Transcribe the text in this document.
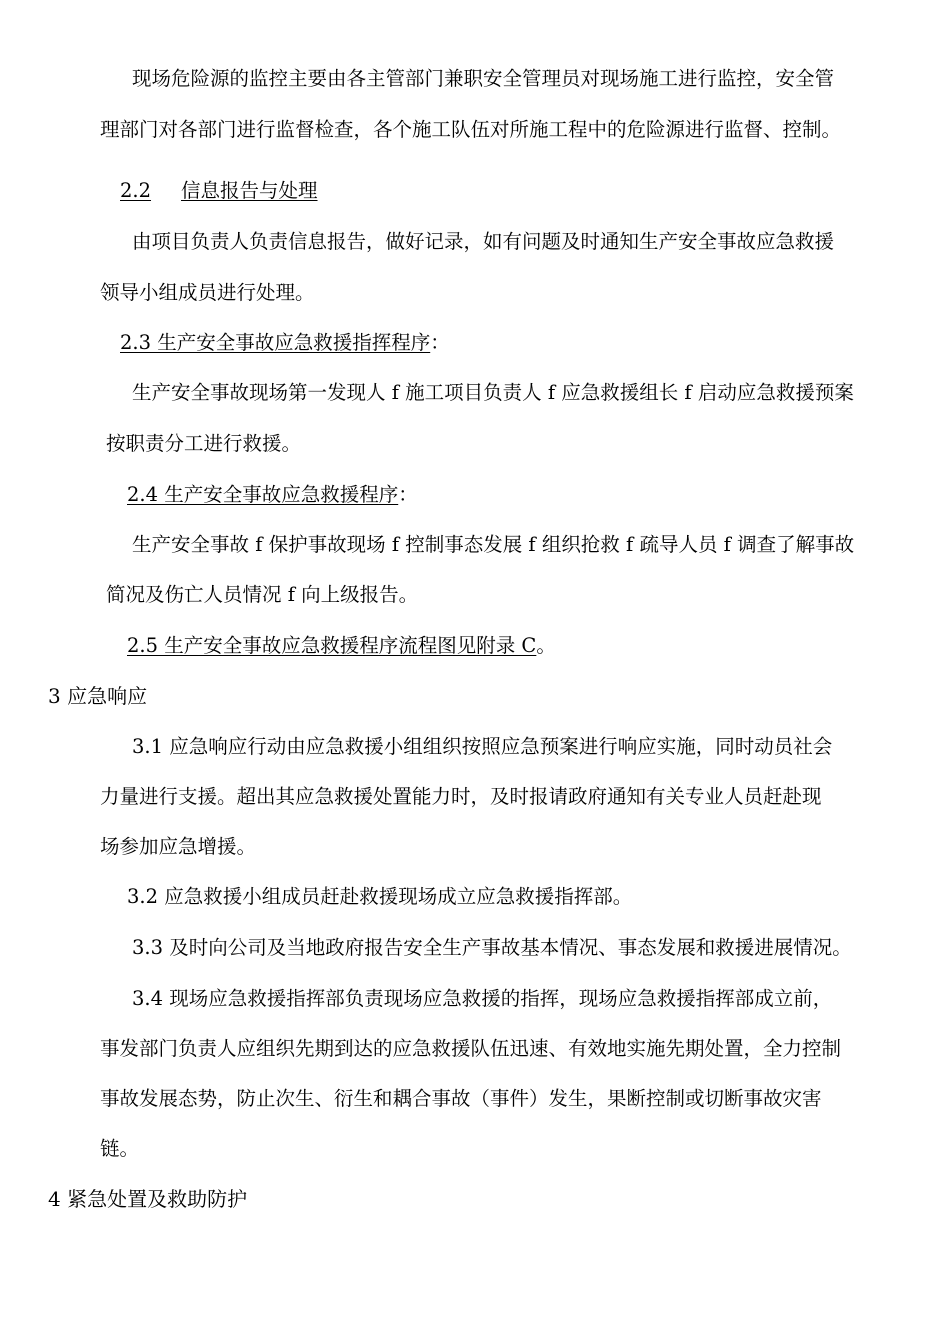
现场危险源的监控主要由各主管部门兼职安全管理员对现场施工进行监控，安全管
理部门对各部门进行监督检查，各个施工队伍对所施工程中的危险源进行监督、控制。
2.2 信息报告与处理
由项目负责人负责信息报告，做好记录，如有问题及时通知生产安全事故应急救援
领导小组成员进行处理。
2.3 生产安全事故应急救援指挥程序：
生产安全事故现场第一发现人 f 施工项目负责人 f 应急救援组长 f 启动应急救援预案
按职责分工进行救援。
2.4 生产安全事故应急救援程序：
生产安全事故 f 保护事故现场 f 控制事态发展 f 组织抢救 f 疏导人员 f 调查了解事故
简况及伤亡人员情况 f 向上级报告。
2.5 生产安全事故应急救援程序流程图见附录 C。
3 应急响应
3.1 应急响应行动由应急救援小组组织按照应急预案进行响应实施，同时动员社会
力量进行支援。超出其应急救援处置能力时，及时报请政府通知有关专业人员赶赴现
场参加应急增援。
3.2 应急救援小组成员赶赴救援现场成立应急救援指挥部。
3.3 及时向公司及当地政府报告安全生产事故基本情况、事态发展和救援进展情况。
3.4 现场应急救援指挥部负责现场应急救援的指挥，现场应急救援指挥部成立前，
事发部门负责人应组织先期到达的应急救援队伍迅速、有效地实施先期处置，全力控制
事故发展态势，防止次生、衍生和耦合事故（事件）发生，果断控制或切断事故灾害
链。
4 紧急处置及救助防护
